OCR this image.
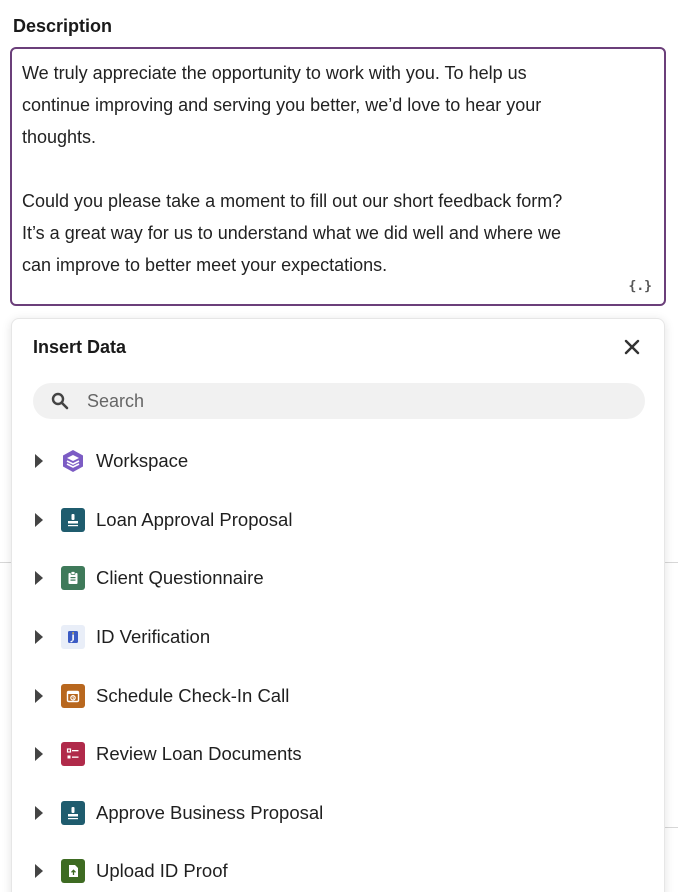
Description
We truly appreciate the opportunity to work with you. To help us
continue improving and serving you better, we’d love to hear your
thoughts.

Could you please take a moment to fill out our short feedback form?
It’s a great way for us to understand what we did well and where we
can improve to better meet your expectations.
{.}
Insert Data
Search
Workspace
Loan Approval Proposal
Client Questionnaire
ID Verification
Schedule Check-In Call
Review Loan Documents
Approve Business Proposal
Upload ID Proof
